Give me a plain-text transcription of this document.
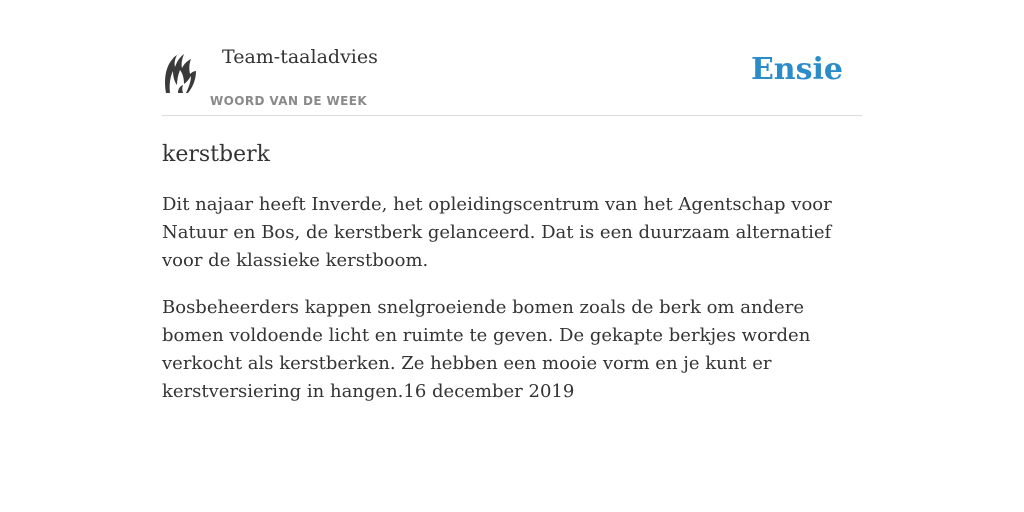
Team-taaladvies
WOORD VAN DE WEEK
Ensie
kerstberk

Dit najaar heeft Inverde, het opleidingscentrum van het Agentschap voor Natuur en Bos, de kerstberk gelanceerd. Dat is een duurzaam alternatief voor de klassieke kerstboom.

Bosbeheerders kappen snelgroeiende bomen zoals de berk om andere bomen voldoende licht en ruimte te geven. De gekapte berkjes worden verkocht als kerstberken. Ze hebben een mooie vorm en je kunt er kerstversiering in hangen.16 december 2019
